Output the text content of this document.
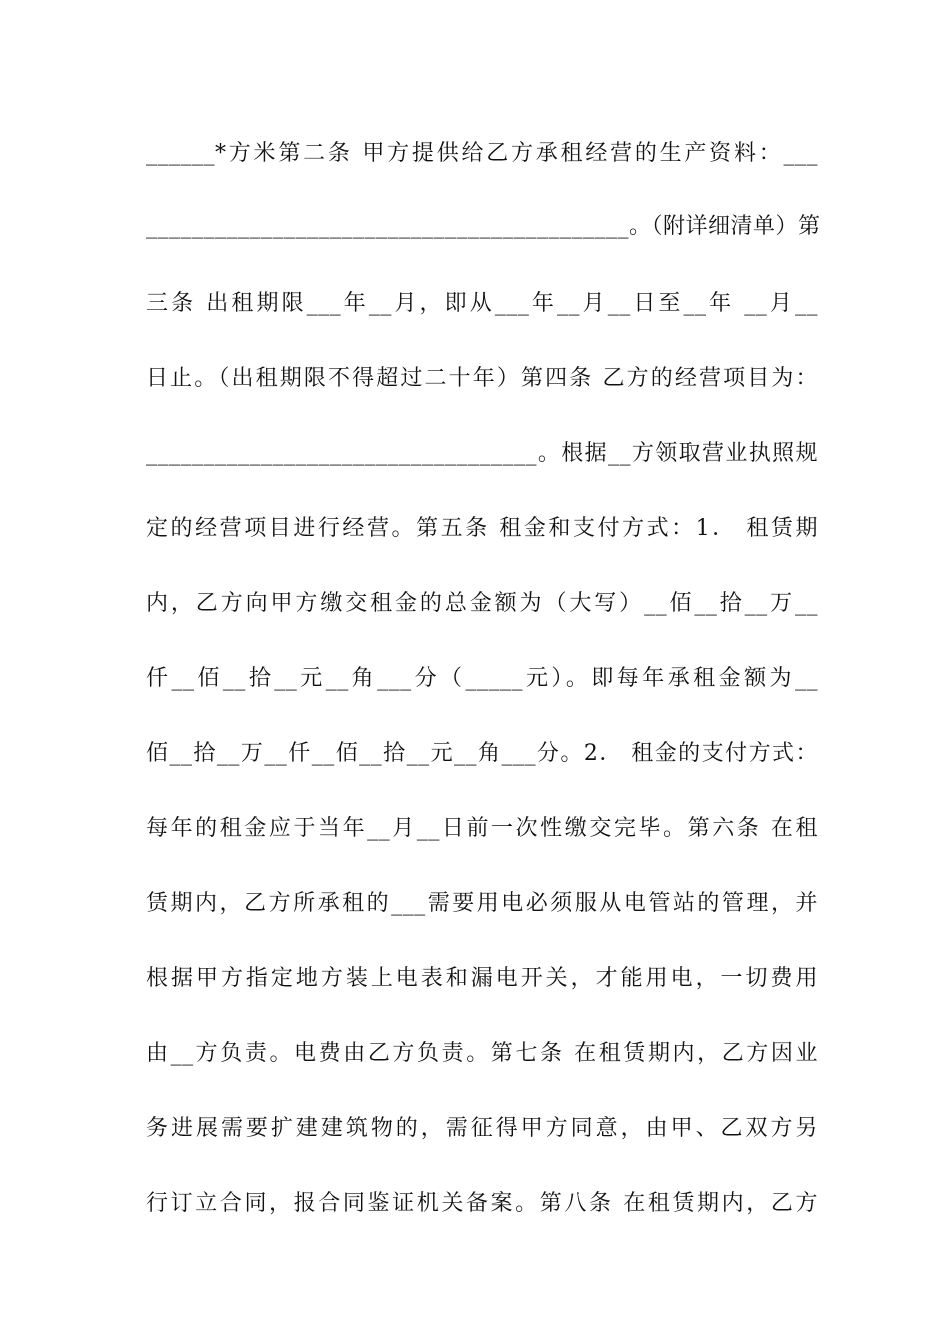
______*方米第二条 甲方提供给乙方承租经营的生产资料：___
__________________________________________。（附详细清单）第
三条 出租期限___年__月，即从___年__月__日至__年 __月__
日止。（出租期限不得超过二十年）第四条 乙方的经营项目为：
__________________________________。根据__方领取营业执照规
定的经营项目进行经营。第五条 租金和支付方式：1． 租赁期
内，乙方向甲方缴交租金的总金额为（大写）__佰__拾__万__
仟__佰__拾__元__角___分（_____元）。即每年承租金额为__
佰__拾__万__仟__佰__拾__元__角___分。2． 租金的支付方式：
每年的租金应于当年__月__日前一次性缴交完毕。第六条 在租
赁期内，乙方所承租的___需要用电必须服从电管站的管理，并
根据甲方指定地方装上电表和漏电开关，才能用电，一切费用
由__方负责。电费由乙方负责。第七条 在租赁期内，乙方因业
务进展需要扩建建筑物的，需征得甲方同意，由甲、乙双方另
行订立合同，报合同鉴证机关备案。第八条 在租赁期内，乙方
